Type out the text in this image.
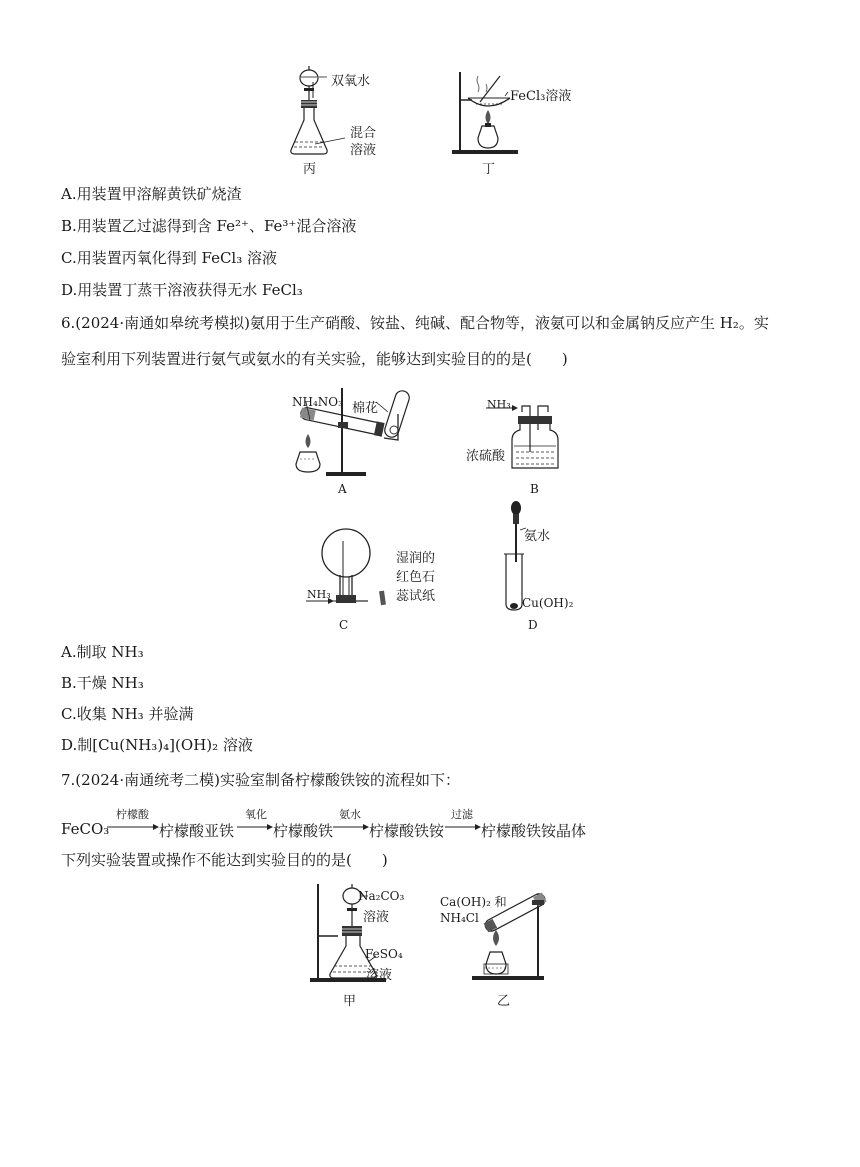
双氧水
混合
溶液
丙
FeCl₃溶液
丁
A.用装置甲溶解黄铁矿烧渣
B.用装置乙过滤得到含 Fe²⁺、Fe³⁺混合溶液
C.用装置丙氧化得到 FeCl₃ 溶液
D.用装置丁蒸干溶液获得无水 FeCl₃
6.(2024·南通如皋统考模拟)氨用于生产硝酸、铵盐、纯碱、配合物等，液氨可以和金属钠反应产生 H₂。实
验室利用下列装置进行氨气或氨水的有关实验，能够达到实验目的的是(　　)
NH₄NO₃ 棉花
A
NH₃
浓硫酸
B
NH₃
湿润的
红色石
蕊试纸
C
氨水
Cu(OH)₂
D
A.制取 NH₃
B.干燥 NH₃
C.收集 NH₃ 并验满
D.制[Cu(NH₃)₄](OH)₂ 溶液
7.(2024·南通统考二模)实验室制备柠檬酸铁铵的流程如下：
FeCO₃
柠檬酸
柠檬酸亚铁
氧化
柠檬酸铁
氨水
柠檬酸铁铵
过滤
柠檬酸铁铵晶体
下列实验装置或操作不能达到实验目的的是(　　)
Na₂CO₃
溶液
FeSO₄
溶液
甲
Ca(OH)₂ 和
NH₄Cl
乙
